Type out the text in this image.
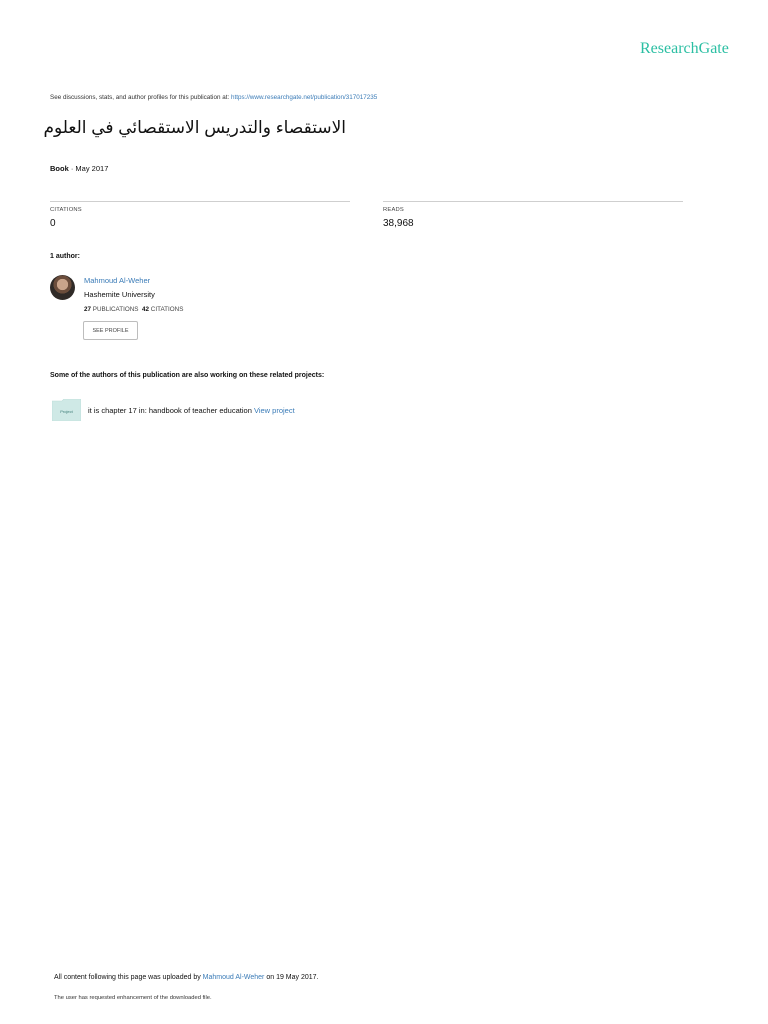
ResearchGate
See discussions, stats, and author profiles for this publication at: https://www.researchgate.net/publication/317017235
الاستقصاء والتدريس الاستقصائي في العلوم
Book · May 2017
CITATIONS
0
READS
38,968
1 author:
Mahmoud Al-Weher
Hashemite University
27 PUBLICATIONS 42 CITATIONS
SEE PROFILE
Some of the authors of this publication are also working on these related projects:
Project it is chapter 17 in: handbook of teacher education View project
All content following this page was uploaded by Mahmoud Al-Weher on 19 May 2017.
The user has requested enhancement of the downloaded file.
